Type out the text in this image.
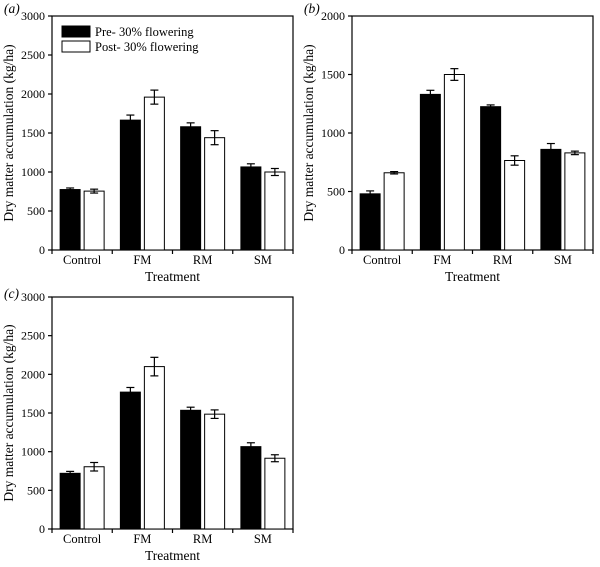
0
500
1000
1500
2000
2500
3000
Control	FM	RM	SM
Treatment
Dry matter accumulation (kg/ha)
(a)
Pre- 30% flowering
Post- 30% flowering
0
500
1000
1500
2000
Control	FM	RM	SM
Treatment
Dry matter accumulation (kg/ha)
(b)
0
500
1000
1500
2000
2500
3000
Control	FM	RM	SM
Treatment
Dry matter accumulation (kg/ha)
(c)
